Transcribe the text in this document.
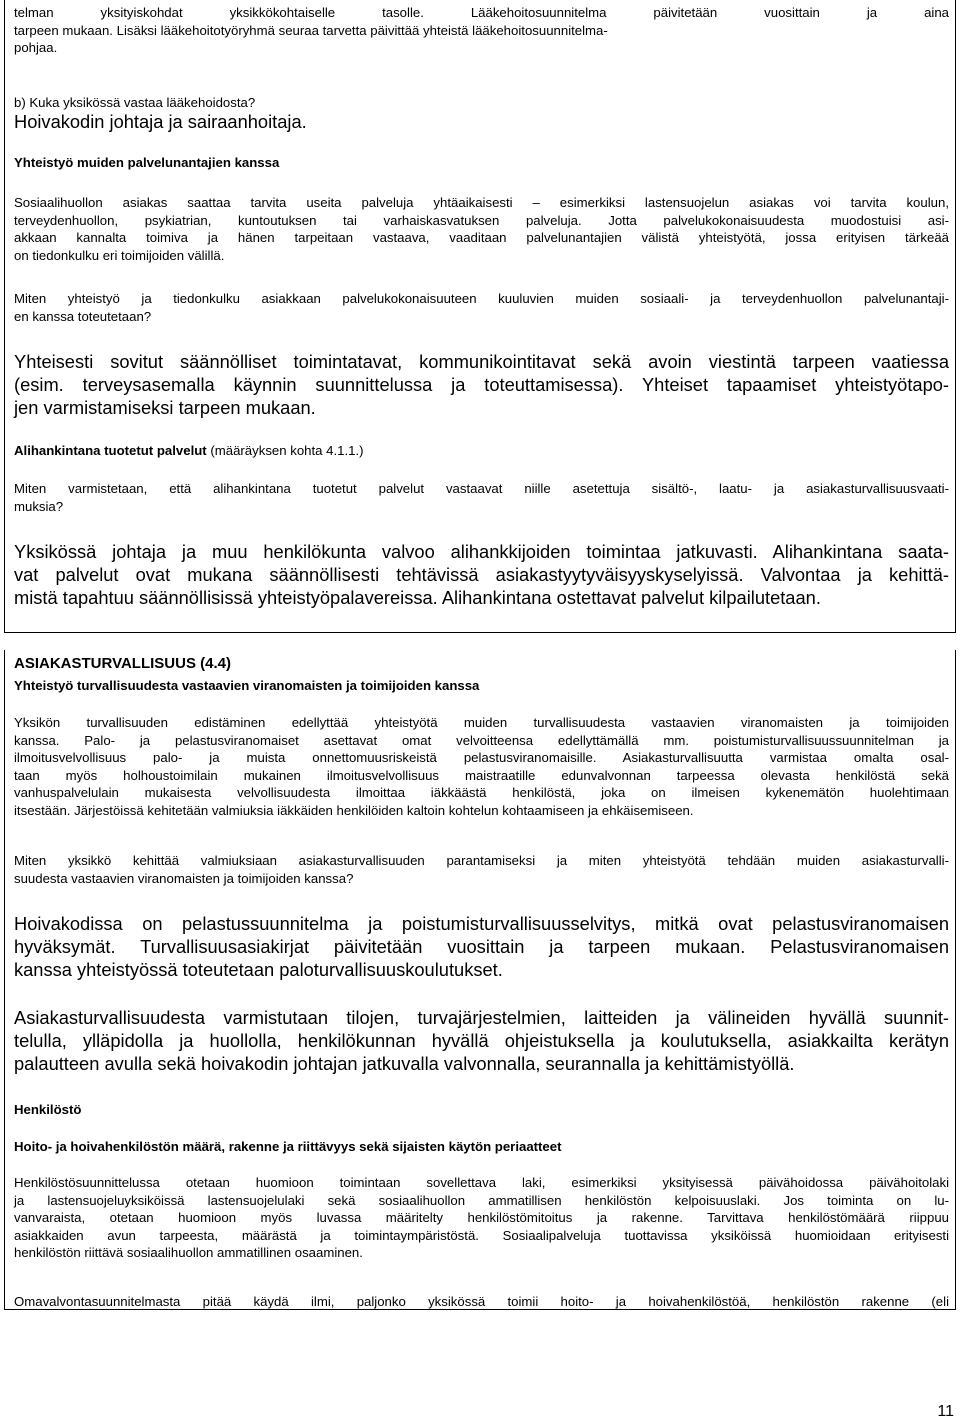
telman yksityiskohdat yksikkökohtaiselle tasolle. Lääkehoitosuunnitelma päivitetään vuosittain ja aina
tarpeen mukaan. Lisäksi lääkehoitotyöryhmä seuraa tarvetta päivittää yhteistä lääkehoitosuunnitelma-
pohjaa.
b) Kuka yksikössä vastaa lääkehoidosta?
Hoivakodin johtaja ja sairaanhoitaja.
Yhteistyö muiden palvelunantajien kanssa
Sosiaalihuollon asiakas saattaa tarvita useita palveluja yhtäaikaisesti – esimerkiksi lastensuojelun asiakas voi tarvita koulun,
terveydenhuollon, psykiatrian, kuntoutuksen tai varhaiskasvatuksen palveluja. Jotta palvelukokonaisuudesta muodostuisi asi-
akkaan kannalta toimiva ja hänen tarpeitaan vastaava, vaaditaan palvelunantajien välistä yhteistyötä, jossa erityisen tärkeää
on tiedonkulku eri toimijoiden välillä.
Miten yhteistyö ja tiedonkulku asiakkaan palvelukokonaisuuteen kuuluvien muiden sosiaali- ja terveydenhuollon palvelunantaji-
en kanssa toteutetaan?
Yhteisesti sovitut säännölliset toimintatavat, kommunikointitavat sekä avoin viestintä tarpeen vaatiessa
(esim. terveysasemalla käynnin suunnittelussa ja toteuttamisessa). Yhteiset tapaamiset yhteistyötapo-
jen varmistamiseksi tarpeen mukaan.
Alihankintana tuotetut palvelut (määräyksen kohta 4.1.1.)
Miten varmistetaan, että alihankintana tuotetut palvelut vastaavat niille asetettuja sisältö-, laatu- ja asiakasturvallisuusvaati-
muksia?
Yksikössä johtaja ja muu henkilökunta valvoo alihankkijoiden toimintaa jatkuvasti. Alihankintana saata-
vat palvelut ovat mukana säännöllisesti tehtävissä asiakastyytyväisyyskyselyissä. Valvontaa ja kehittä-
mistä tapahtuu säännöllisissä yhteistyöpalavereissa. Alihankintana ostettavat palvelut kilpailutetaan.
ASIAKASTURVALLISUUS (4.4)
Yhteistyö turvallisuudesta vastaavien viranomaisten ja toimijoiden kanssa
Yksikön turvallisuuden edistäminen edellyttää yhteistyötä muiden turvallisuudesta vastaavien viranomaisten ja toimijoiden
kanssa. Palo- ja pelastusviranomaiset asettavat omat velvoitteensa edellyttämällä mm. poistumisturvallisuussuunnitelman ja
ilmoitusvelvollisuus palo- ja muista onnettomuusriskeistä pelastusviranomaisille. Asiakasturvallisuutta varmistaa omalta osal-
taan myös holhoustoimilain mukainen ilmoitusvelvollisuus maistraatille edunvalvonnan tarpeessa olevasta henkilöstä sekä
vanhuspalvelulain mukaisesta velvollisuudesta ilmoittaa iäkkäästä henkilöstä, joka on ilmeisen kykenemätön huolehtimaan
itsestään. Järjestöissä kehitetään valmiuksia iäkkäiden henkilöiden kaltoin kohtelun kohtaamiseen ja ehkäisemiseen.
Miten yksikkö kehittää valmiuksiaan asiakasturvallisuuden parantamiseksi ja miten yhteistyötä tehdään muiden asiakasturvalli-
suudesta vastaavien viranomaisten ja toimijoiden kanssa?
Hoivakodissa on pelastussuunnitelma ja poistumisturvallisuusselvitys, mitkä ovat pelastusviranomaisen
hyväksymät. Turvallisuusasiakirjat päivitetään vuosittain ja tarpeen mukaan. Pelastusviranomaisen
kanssa yhteistyössä toteutetaan paloturvallisuuskoulutukset.
Asiakasturvallisuudesta varmistutaan tilojen, turvajärjestelmien, laitteiden ja välineiden hyvällä suunnit-
telulla, ylläpidolla ja huollolla, henkilökunnan hyvällä ohjeistuksella ja koulutuksella, asiakkailta kerätyn
palautteen avulla sekä hoivakodin johtajan jatkuvalla valvonnalla, seurannalla ja kehittämistyöllä.
Henkilöstö
Hoito- ja hoivahenkilöstön määrä, rakenne ja riittävyys sekä sijaisten käytön periaatteet
Henkilöstösuunnittelussa otetaan huomioon toimintaan sovellettava laki, esimerkiksi yksityisessä päivähoidossa päivähoitolaki
ja lastensuojeluyksiköissä lastensuojelulaki sekä sosiaalihuollon ammatillisen henkilöstön kelpoisuuslaki. Jos toiminta on lu-
vanvaraista, otetaan huomioon myös luvassa määritelty henkilöstömitoitus ja rakenne. Tarvittava henkilöstömäärä riippuu
asiakkaiden avun tarpeesta, määrästä ja toimintaympäristöstä. Sosiaalipalveluja tuottavissa yksiköissä huomioidaan erityisesti
henkilöstön riittävä sosiaalihuollon ammatillinen osaaminen.
Omavalvontasuunnitelmasta pitää käydä ilmi, paljonko yksikössä toimii hoito- ja hoivahenkilöstöä, henkilöstön rakenne (eli
11
